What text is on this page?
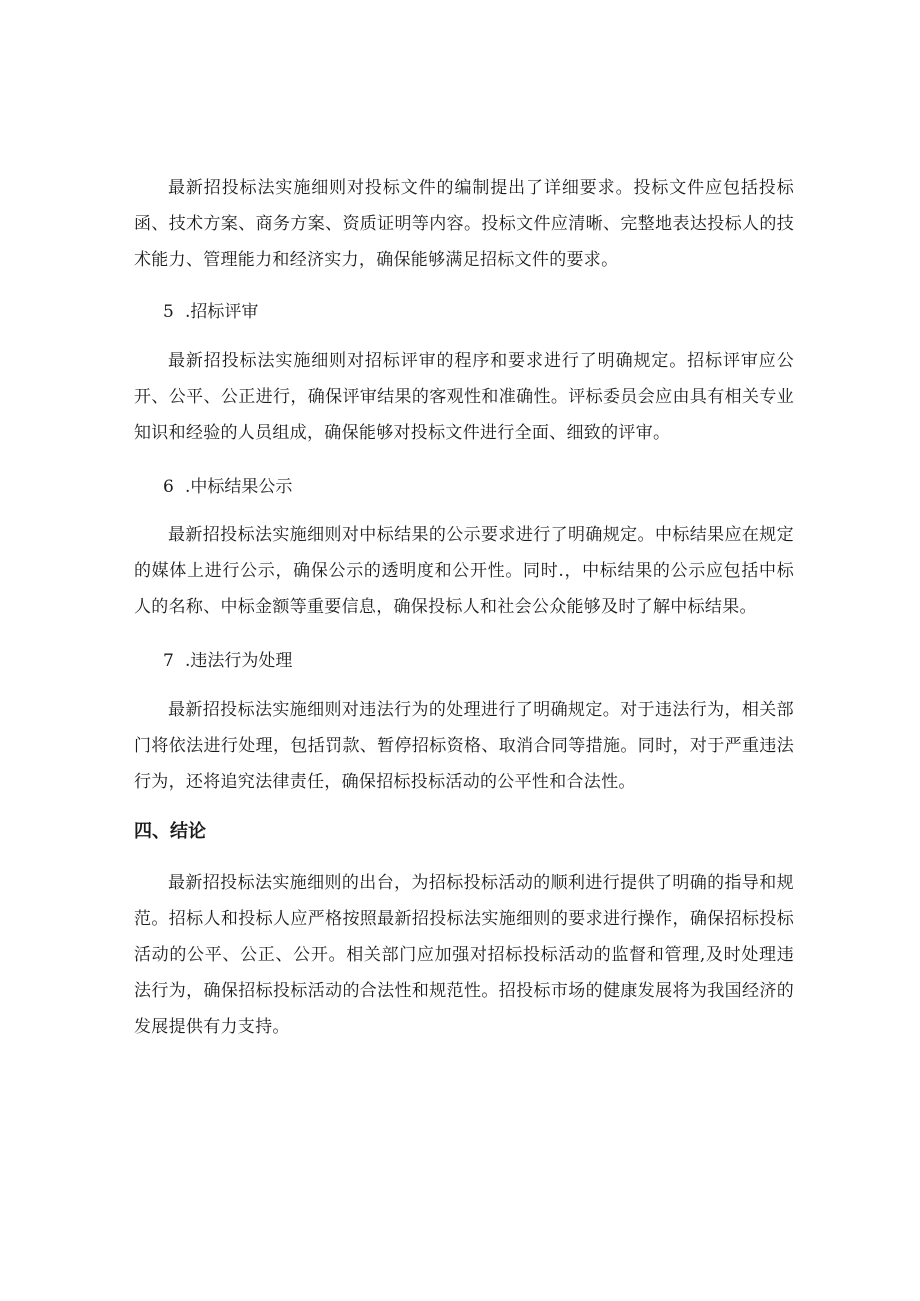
最新招投标法实施细则对投标文件的编制提出了详细要求。投标文件应包括投标函、技术方案、商务方案、资质证明等内容。投标文件应清晰、完整地表达投标人的技术能力、管理能力和经济实力，确保能够满足招标文件的要求。

5 .招标评审

最新招投标法实施细则对招标评审的程序和要求进行了明确规定。招标评审应公开、公平、公正进行，确保评审结果的客观性和准确性。评标委员会应由具有相关专业知识和经验的人员组成，确保能够对投标文件进行全面、细致的评审。

6 .中标结果公示

最新招投标法实施细则对中标结果的公示要求进行了明确规定。中标结果应在规定的媒体上进行公示，确保公示的透明度和公开性。同时.，中标结果的公示应包括中标人的名称、中标金额等重要信息，确保投标人和社会公众能够及时了解中标结果。

7 .违法行为处理

最新招投标法实施细则对违法行为的处理进行了明确规定。对于违法行为，相关部门将依法进行处理，包括罚款、暂停招标资格、取消合同等措施。同时，对于严重违法行为，还将追究法律责任，确保招标投标活动的公平性和合法性。

四、结论

最新招投标法实施细则的出台，为招标投标活动的顺利进行提供了明确的指导和规范。招标人和投标人应严格按照最新招投标法实施细则的要求进行操作，确保招标投标活动的公平、公正、公开。相关部门应加强对招标投标活动的监督和管理,及时处理违法行为，确保招标投标活动的合法性和规范性。招投标市场的健康发展将为我国经济的发展提供有力支持。
